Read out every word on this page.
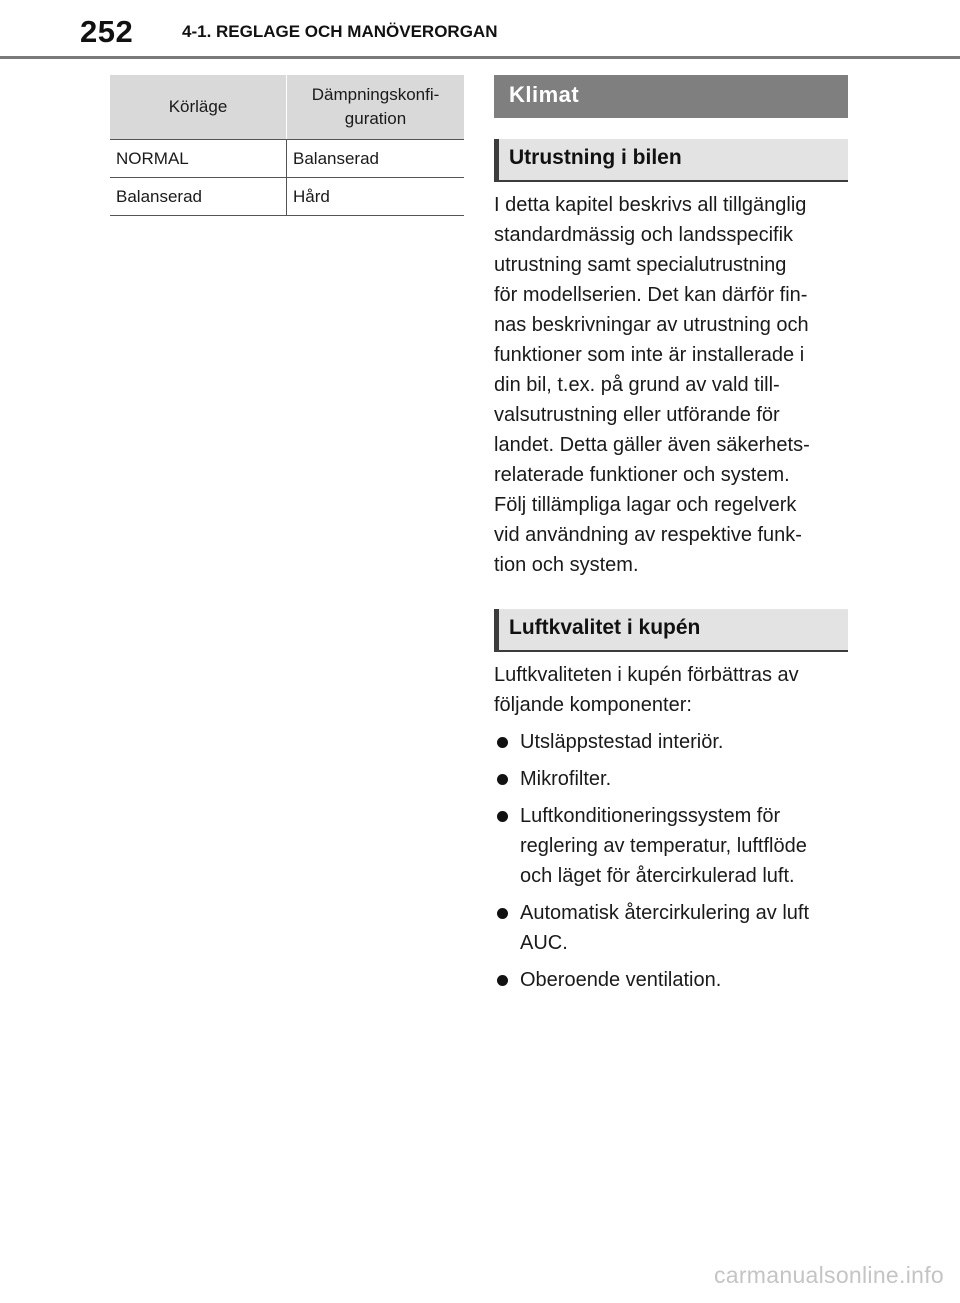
252	4-1. REGLAGE OCH MANÖVERORGAN
Körläge	Dämpningskonfi-
guration
NORMAL	Balanserad
Balanserad	Hård
Klimat
Utrustning i bilen
I detta kapitel beskrivs all tillgänglig
standardmässig och landsspecifik
utrustning samt specialutrustning
för modellserien. Det kan därför fin-
nas beskrivningar av utrustning och
funktioner som inte är installerade i
din bil, t.ex. på grund av vald till-
valsutrustning eller utförande för
landet. Detta gäller även säkerhets-
relaterade funktioner och system.
Följ tillämpliga lagar och regelverk
vid användning av respektive funk-
tion och system.
Luftkvalitet i kupén
Luftkvaliteten i kupén förbättras av
följande komponenter:
Utsläppstestad interiör.
Mikrofilter.
Luftkonditioneringssystem för
reglering av temperatur, luftflöde
och läget för återcirkulerad luft.
Automatisk återcirkulering av luft
AUC.
Oberoende ventilation.
carmanualsonline.info
